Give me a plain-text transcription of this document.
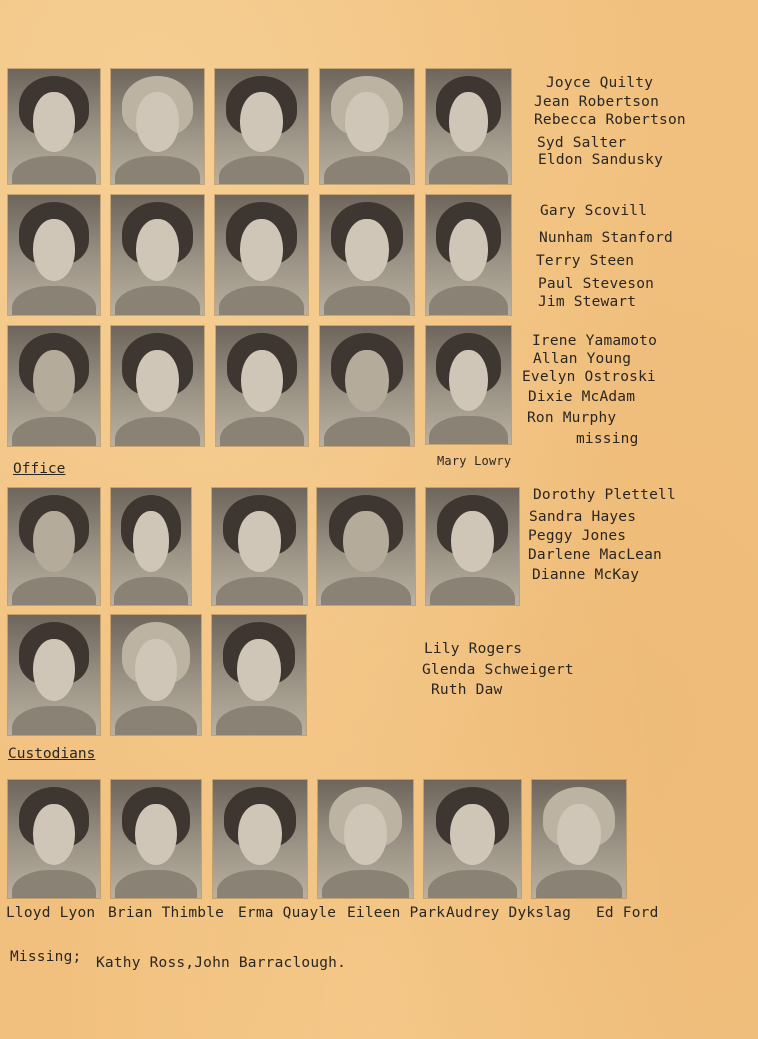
Joyce Quilty
Jean Robertson
Rebecca Robertson
Syd Salter
Eldon Sandusky
Gary Scovill
Nunham Stanford
Terry Steen
Paul Steveson
Jim Stewart
Irene Yamamoto
Allan Young
Evelyn Ostroski
Dixie McAdam
Ron Murphy
missing
Mary Lowry
Office
Dorothy Plettell
Sandra Hayes
Peggy Jones
Darlene MacLean
Dianne McKay
Lily Rogers
Glenda Schweigert
Ruth Daw
Custodians
Lloyd Lyon Brian Thimble Erma Quayle Eileen Park Audrey Dykslag Ed Ford
Missing; Kathy Ross,John Barraclough.
